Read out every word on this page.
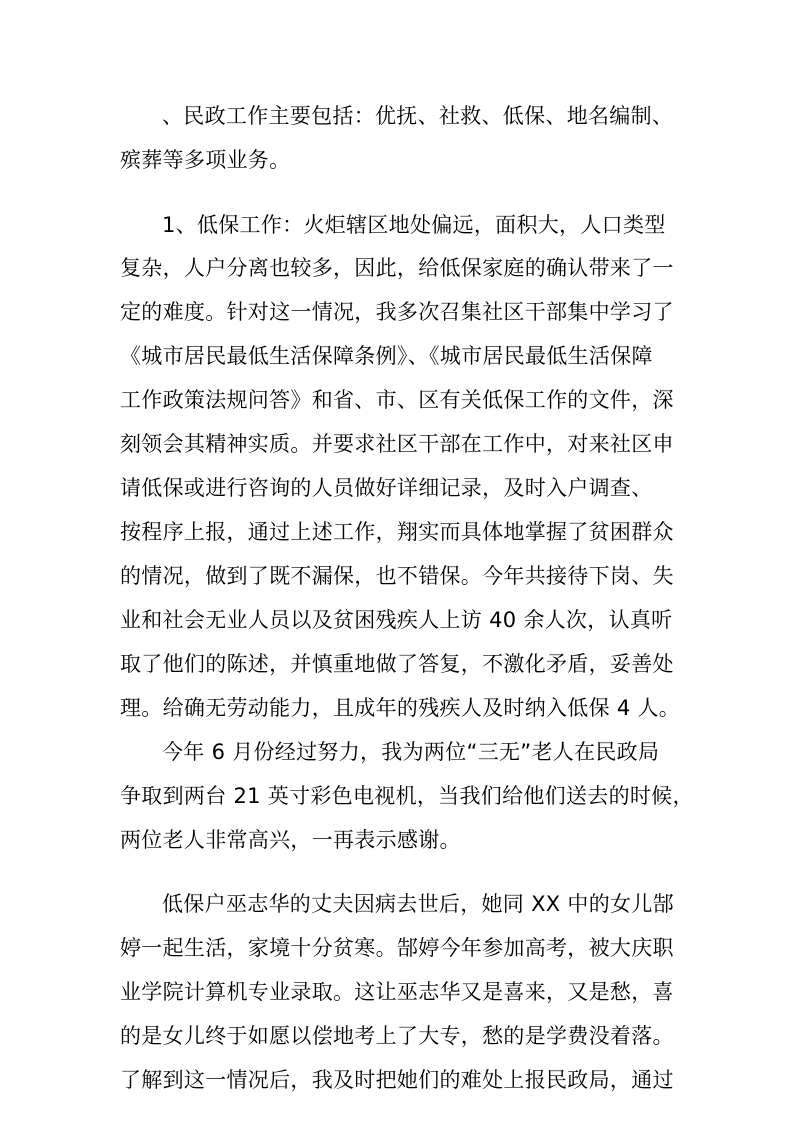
、民政工作主要包括：优抚、社救、低保、地名编制、
殡葬等多项业务。
1、低保工作：火炬辖区地处偏远，面积大，人口类型
复杂，人户分离也较多，因此，给低保家庭的确认带来了一
定的难度。针对这一情况，我多次召集社区干部集中学习了
《城市居民最低生活保障条例》、《城市居民最低生活保障
工作政策法规问答》和省、市、区有关低保工作的文件，深
刻领会其精神实质。并要求社区干部在工作中，对来社区申
请低保或进行咨询的人员做好详细记录，及时入户调查、
按程序上报，通过上述工作，翔实而具体地掌握了贫困群众
的情况，做到了既不漏保，也不错保。今年共接待下岗、失
业和社会无业人员以及贫困残疾人上访 40 余人次，认真听
取了他们的陈述，并慎重地做了答复，不激化矛盾，妥善处
理。给确无劳动能力，且成年的残疾人及时纳入低保 4 人。
今年 6 月份经过努力，我为两位“三无”老人在民政局
争取到两台 21 英寸彩色电视机，当我们给他们送去的时候，
两位老人非常高兴，一再表示感谢。
低保户巫志华的丈夫因病去世后，她同 XX 中的女儿郜
婷一起生活，家境十分贫寒。郜婷今年参加高考，被大庆职
业学院计算机专业录取。这让巫志华又是喜来，又是愁，喜
的是女儿终于如愿以偿地考上了大专，愁的是学费没着落。
了解到这一情况后，我及时把她们的难处上报民政局，通过
